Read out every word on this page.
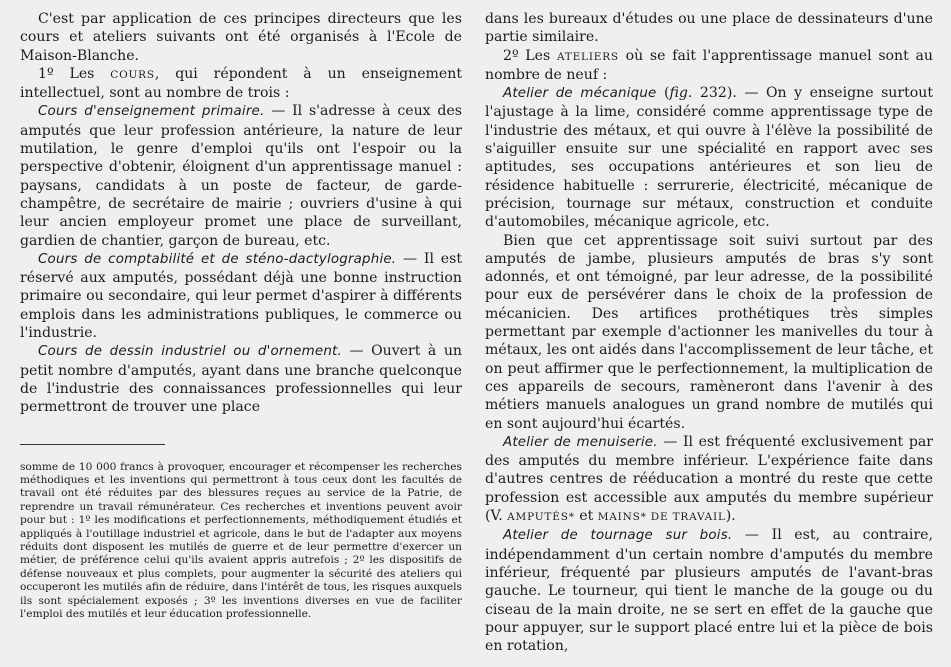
C'est par application de ces principes directeurs que les cours et ateliers suivants ont été organisés à l'Ecole de Maison-Blanche.

1º Les COURS, qui répondent à un enseignement intellectuel, sont au nombre de trois :

Cours d'enseignement primaire. — Il s'adresse à ceux des amputés que leur profession antérieure, la nature de leur mutilation, le genre d'emploi qu'ils ont l'espoir ou la perspective d'obtenir, éloignent d'un apprentissage manuel : paysans, candidats à un poste de facteur, de garde-champêtre, de secrétaire de mairie ; ouvriers d'usine à qui leur ancien employeur promet une place de surveillant, gardien de chantier, garçon de bureau, etc.

Cours de comptabilité et de sténo-dactylographie. — Il est réservé aux amputés, possédant déjà une bonne instruction primaire ou secondaire, qui leur permet d'aspirer à différents emplois dans les administrations publiques, le commerce ou l'industrie.

Cours de dessin industriel ou d'ornement. — Ouvert à un petit nombre d'amputés, ayant dans une branche quelconque de l'industrie des connaissances professionnelles qui leur permettront de trouver une place

somme de 10 000 francs à provoquer, encourager et récompenser les recherches méthodiques et les inventions qui permettront à tous ceux dont les facultés de travail ont été réduites par des blessures reçues au service de la Patrie, de reprendre un travail rémunérateur. Ces recherches et inventions peuvent avoir pour but : 1º les modifications et perfectionnements, méthodiquement étudiés et appliqués à l'outillage industriel et agricole, dans le but de l'adapter aux moyens réduits dont disposent les mutilés de guerre et de leur permettre d'exercer un métier, de préférence celui qu'ils avaient appris autrefois ; 2º les dispositifs de défense nouveaux et plus complets, pour augmenter la sécurité des ateliers qui occuperont les mutilés afin de réduire, dans l'intérêt de tous, les risques auxquels ils sont spécialement exposés ; 3º les inventions diverses en vue de faciliter l'emploi des mutilés et leur éducation professionnelle.

dans les bureaux d'études ou une place de dessinateurs d'une partie similaire.

2º Les ATELIERS où se fait l'apprentissage manuel sont au nombre de neuf :

Atelier de mécanique (fig. 232). — On y enseigne surtout l'ajustage à la lime, considéré comme apprentissage type de l'industrie des métaux, et qui ouvre à l'élève la possibilité de s'aiguiller ensuite sur une spécialité en rapport avec ses aptitudes, ses occupations antérieures et son lieu de résidence habituelle : serrurerie, électricité, mécanique de précision, tournage sur métaux, construction et conduite d'automobiles, mécanique agricole, etc.

Bien que cet apprentissage soit suivi surtout par des amputés de jambe, plusieurs amputés de bras s'y sont adonnés, et ont témoigné, par leur adresse, de la possibilité pour eux de persévérer dans le choix de la profession de mécanicien. Des artifices prothétiques très simples permettant par exemple d'actionner les manivelles du tour à métaux, les ont aidés dans l'accomplissement de leur tâche, et on peut affirmer que le perfectionnement, la multiplication de ces appareils de secours, ramèneront dans l'avenir à des métiers manuels analogues un grand nombre de mutilés qui en sont aujourd'hui écartés.

Atelier de menuiserie. — Il est fréquenté exclusivement par des amputés du membre inférieur. L'expérience faite dans d'autres centres de rééducation a montré du reste que cette profession est accessible aux amputés du membre supérieur (V. AMPUTÉS* et MAINS* DE TRAVAIL).

Atelier de tournage sur bois. — Il est, au contraire, indépendamment d'un certain nombre d'amputés du membre inférieur, fréquenté par plusieurs amputés de l'avant-bras gauche. Le tourneur, qui tient le manche de la gouge ou du ciseau de la main droite, ne se sert en effet de la gauche que pour appuyer, sur le support placé entre lui et la pièce de bois en rotation,
